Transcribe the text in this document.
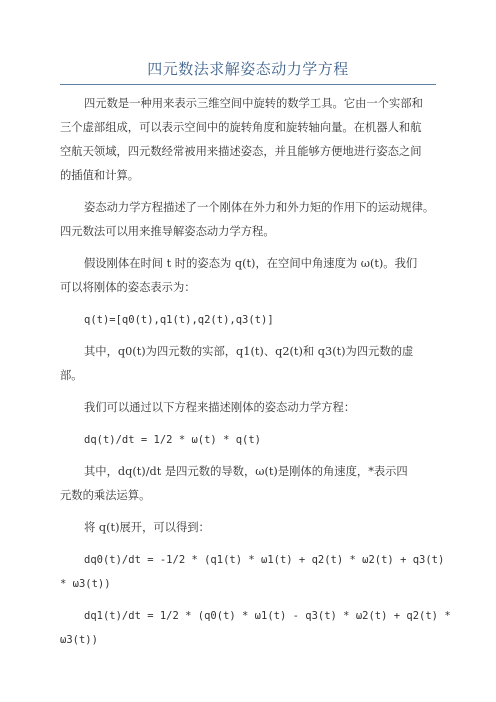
四元数法求解姿态动力学方程
四元数是一种用来表示三维空间中旋转的数学工具。它由一个实部和
三个虚部组成，可以表示空间中的旋转角度和旋转轴向量。在机器人和航
空航天领域，四元数经常被用来描述姿态，并且能够方便地进行姿态之间
的插值和计算。
姿态动力学方程描述了一个刚体在外力和外力矩的作用下的运动规律。
四元数法可以用来推导解姿态动力学方程。
假设刚体在时间 t 时的姿态为 q(t)，在空间中角速度为 ω(t)。我们
可以将刚体的姿态表示为：
q(t)=[q0(t),q1(t),q2(t),q3(t)]
其中，q0(t)为四元数的实部，q1(t)、q2(t)和 q3(t)为四元数的虚
部。
我们可以通过以下方程来描述刚体的姿态动力学方程：
dq(t)/dt = 1/2 * ω(t) * q(t)
其中，dq(t)/dt 是四元数的导数，ω(t)是刚体的角速度，*表示四
元数的乘法运算。
将 q(t)展开，可以得到：
dq0(t)/dt = -1/2 * (q1(t) * ω1(t) + q2(t) * ω2(t) + q3(t)
* ω3(t))
dq1(t)/dt = 1/2 * (q0(t) * ω1(t) - q3(t) * ω2(t) + q2(t) *
ω3(t))
